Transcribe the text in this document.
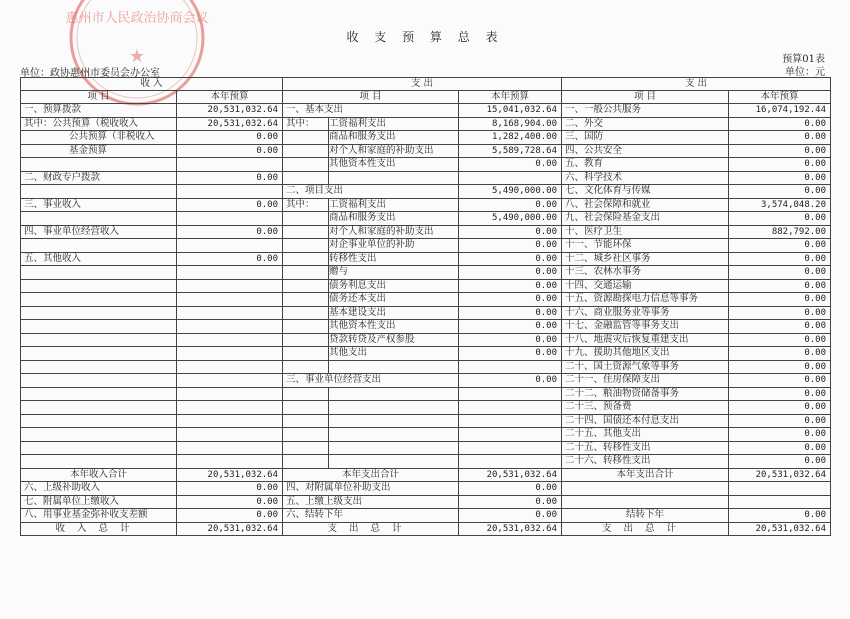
惠州市人民政治协商会议
★
收 支 预 算 总 表
预算01表
单位：元
单位：政协惠州市委员会办公室
收 入		支 出			支 出	
项 目	本年预算	项 目		本年预算	项 目	本年预算
一、预算拨款	20,531,032.64	一、基本支出		15,041,032.64	一、一般公共服务	16,074,192.44
其中：公共预算（税收收入	20,531,032.64	其中：	工资福利支出	8,168,904.00	二、外交	0.00
公共预算（非税收入	0.00		商品和服务支出	1,282,400.00	三、国防	0.00
基金预算	0.00		对个人和家庭的补助支出	5,589,728.64	四、公共安全	0.00
			其他资本性支出	0.00	五、教育	0.00
二、财政专户拨款	0.00				六、科学技术	0.00
		二、项目支出		5,490,000.00	七、文化体育与传媒	0.00
三、事业收入	0.00	其中：	工资福利支出	0.00	八、社会保障和就业	3,574,048.20
			商品和服务支出	5,490,000.00	九、社会保险基金支出	0.00
四、事业单位经营收入	0.00		对个人和家庭的补助支出	0.00	十、医疗卫生	882,792.00
			对企事业单位的补助	0.00	十一、节能环保	0.00
五、其他收入	0.00		转移性支出	0.00	十二、城乡社区事务	0.00
			赠与	0.00	十三、农林水事务	0.00
			债务利息支出	0.00	十四、交通运输	0.00
			债务还本支出	0.00	十五、资源勘探电力信息等事务	0.00
			基本建设支出	0.00	十六、商业服务业等事务	0.00
			其他资本性支出	0.00	十七、金融监管等事务支出	0.00
			贷款转贷及产权参股	0.00	十八、地震灾后恢复重建支出	0.00
			其他支出	0.00	十九、援助其他地区支出	0.00
					二十、国土资源气象等事务	0.00
		三、事业单位经营支出		0.00	二十一、住房保障支出	0.00
					二十二、粮油物资储备事务	0.00
					二十三、预备费	0.00
					二十四、国债还本付息支出	0.00
					二十五、其他支出	0.00
					二十五、转移性支出	0.00
					二十六、转移性支出	0.00
本年收入合计	20,531,032.64	本年支出合计		20,531,032.64	本年支出合计	20,531,032.64
六、上级补助收入	0.00	四、对附属单位补助支出		0.00		
七、附属单位上缴收入	0.00	五、上缴上级支出		0.00		
八、用事业基金弥补收支差额	0.00	六、结转下年		0.00	结转下年	0.00
收入总计	20,531,032.64	支出总计		20,531,032.64	支出总计	20,531,032.64
